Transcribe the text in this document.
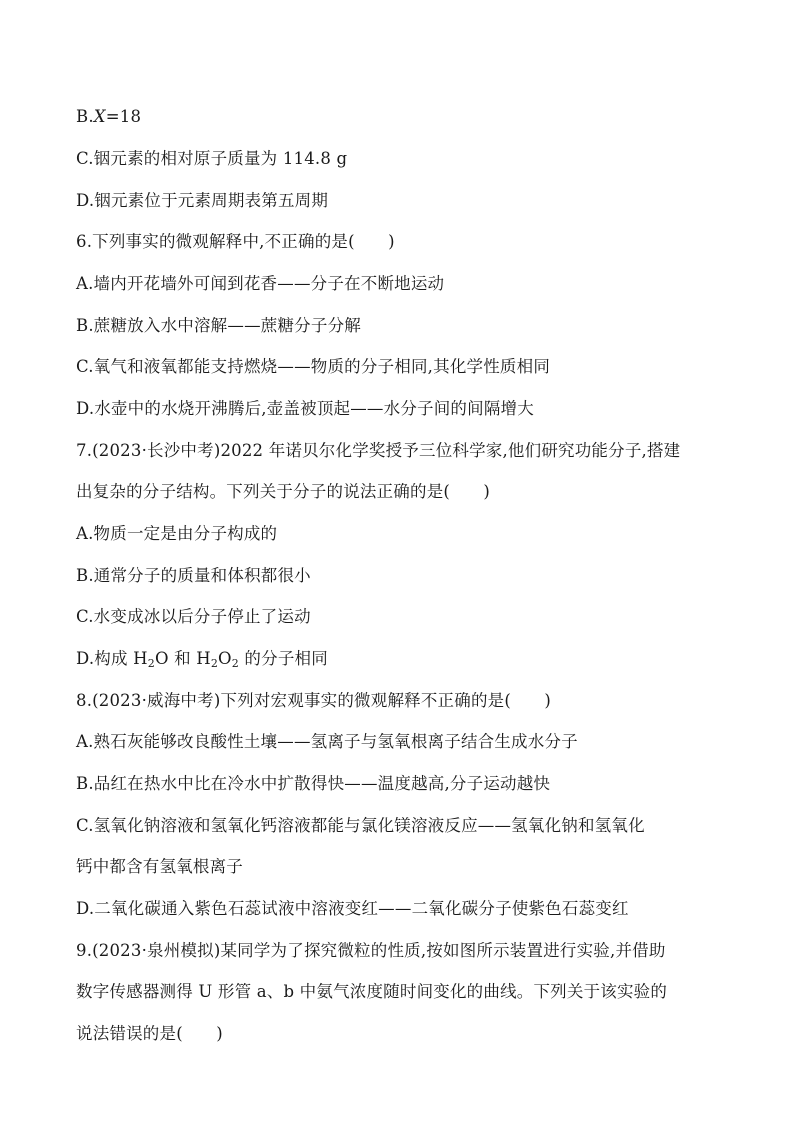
B.X=18
C.铟元素的相对原子质量为 114.8 g
D.铟元素位于元素周期表第五周期
6.下列事实的微观解释中,不正确的是(　　)
A.墙内开花墙外可闻到花香——分子在不断地运动
B.蔗糖放入水中溶解——蔗糖分子分解
C.氧气和液氧都能支持燃烧——物质的分子相同,其化学性质相同
D.水壶中的水烧开沸腾后,壶盖被顶起——水分子间的间隔增大
7.(2023·长沙中考)2022 年诺贝尔化学奖授予三位科学家,他们研究功能分子,搭建
出复杂的分子结构。下列关于分子的说法正确的是(　　)
A.物质一定是由分子构成的
B.通常分子的质量和体积都很小
C.水变成冰以后分子停止了运动
D.构成 $H_2O$ 和 $H_2O_2$ 的分子相同
8.(2023·威海中考)下列对宏观事实的微观解释不正确的是(　　)
A.熟石灰能够改良酸性土壤——氢离子与氢氧根离子结合生成水分子
B.品红在热水中比在冷水中扩散得快——温度越高,分子运动越快
C.氢氧化钠溶液和氢氧化钙溶液都能与氯化镁溶液反应——氢氧化钠和氢氧化
钙中都含有氢氧根离子
D.二氧化碳通入紫色石蕊试液中溶液变红——二氧化碳分子使紫色石蕊变红
9.(2023·泉州模拟)某同学为了探究微粒的性质,按如图所示装置进行实验,并借助
数字传感器测得 U 形管 a、b 中氨气浓度随时间变化的曲线。下列关于该实验的
说法错误的是(　　)
